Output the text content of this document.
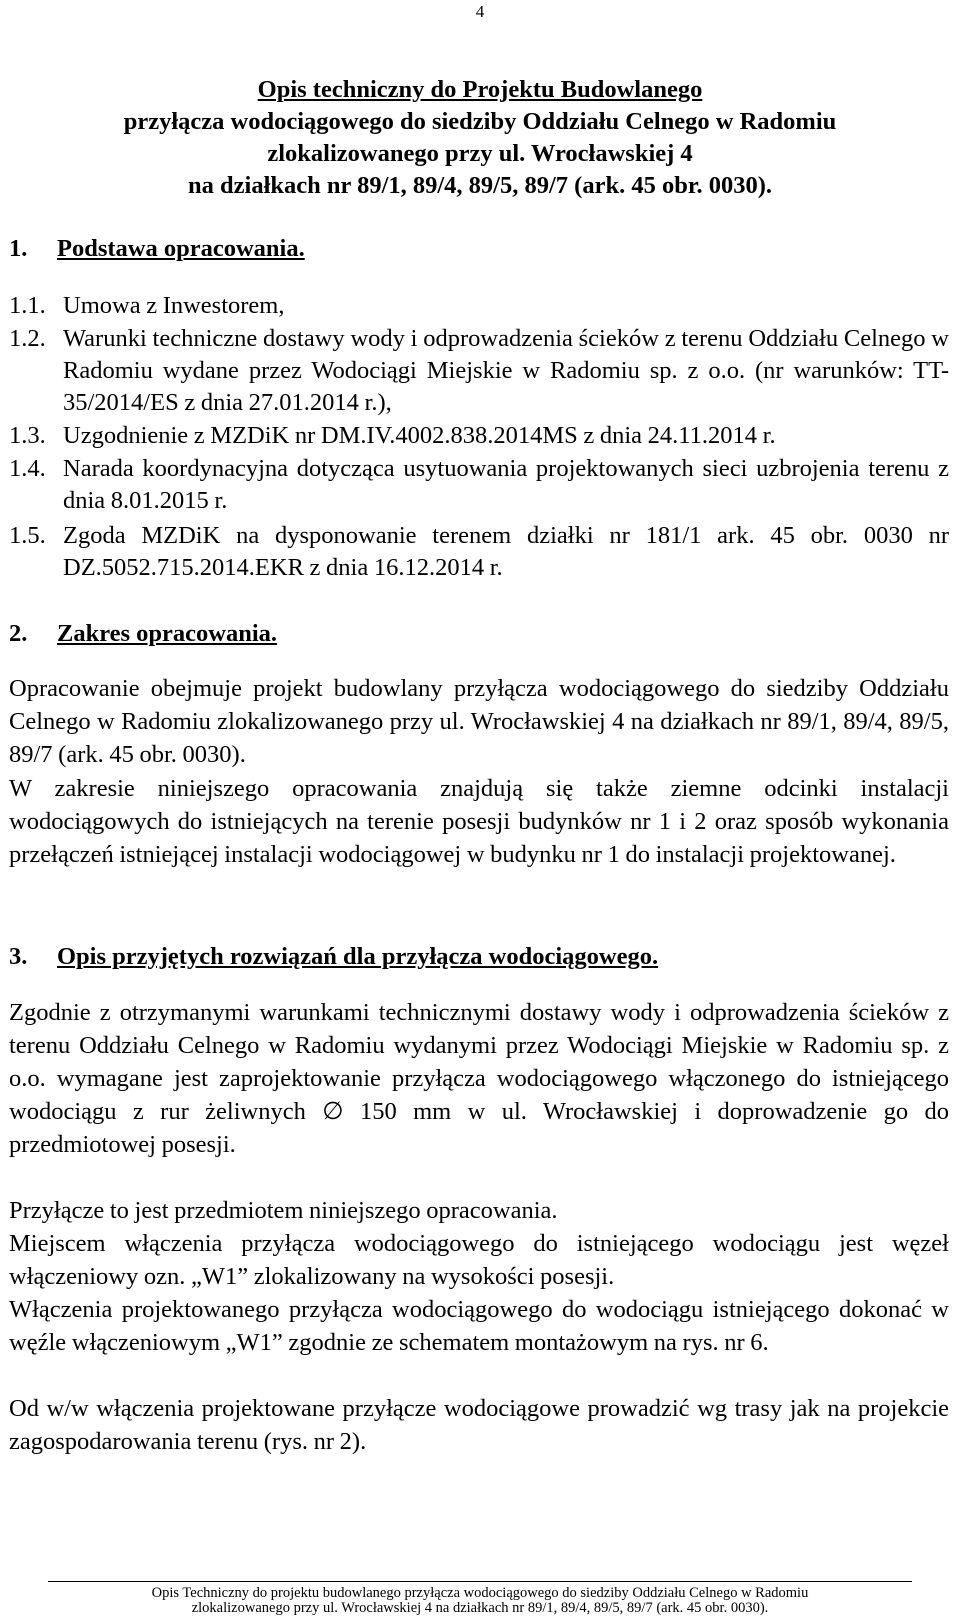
4
Opis techniczny do Projektu Budowlanego
przyłącza wodociągowego do siedziby Oddziału Celnego w Radomiu
zlokalizowanego przy ul. Wrocławskiej 4
na działkach nr 89/1, 89/4, 89/5, 89/7 (ark. 45 obr. 0030).
1. Podstawa opracowania.
1.1. Umowa z Inwestorem,
1.2. Warunki techniczne dostawy wody i odprowadzenia ścieków z terenu Oddziału Celnego w Radomiu wydane przez Wodociągi Miejskie w Radomiu sp. z o.o. (nr warunków: TT-35/2014/ES z dnia 27.01.2014 r.),
1.3. Uzgodnienie z MZDiK nr DM.IV.4002.838.2014MS z dnia 24.11.2014 r.
1.4. Narada koordynacyjna dotycząca usytuowania projektowanych sieci uzbrojenia terenu z dnia 8.01.2015 r.
1.5. Zgoda MZDiK na dysponowanie terenem działki nr 181/1 ark. 45 obr. 0030 nr DZ.5052.715.2014.EKR z dnia 16.12.2014 r.
2. Zakres opracowania.
Opracowanie obejmuje projekt budowlany przyłącza wodociągowego do siedziby Oddziału Celnego w Radomiu zlokalizowanego przy ul. Wrocławskiej 4 na działkach nr 89/1, 89/4, 89/5, 89/7 (ark. 45 obr. 0030).
W zakresie niniejszego opracowania znajdują się także ziemne odcinki instalacji wodociągowych do istniejących na terenie posesji budynków nr 1 i 2 oraz sposób wykonania przełączeń istniejącej instalacji wodociągowej w budynku nr 1 do instalacji projektowanej.
3. Opis przyjętych rozwiązań dla przyłącza wodociągowego.
Zgodnie z otrzymanymi warunkami technicznymi dostawy wody i odprowadzenia ścieków z terenu Oddziału Celnego w Radomiu wydanymi przez Wodociągi Miejskie w Radomiu sp. z o.o. wymagane jest zaprojektowanie przyłącza wodociągowego włączonego do istniejącego wodociągu z rur żeliwnych ∅ 150 mm w ul. Wrocławskiej i doprowadzenie go do przedmiotowej posesji.
Przyłącze to jest przedmiotem niniejszego opracowania.
Miejscem włączenia przyłącza wodociągowego do istniejącego wodociągu jest węzeł włączeniowy ozn. „W1” zlokalizowany na wysokości posesji.
Włączenia projektowanego przyłącza wodociągowego do wodociągu istniejącego dokonać w węźle włączeniowym „W1” zgodnie ze schematem montażowym na rys. nr 6.
Od w/w włączenia projektowane przyłącze wodociągowe prowadzić wg trasy jak na projekcie zagospodarowania terenu (rys. nr 2).
Opis Techniczny do projektu budowlanego przyłącza wodociągowego do siedziby Oddziału Celnego w Radomiu
zlokalizowanego przy ul. Wrocławskiej 4 na działkach nr 89/1, 89/4, 89/5, 89/7 (ark. 45 obr. 0030).
